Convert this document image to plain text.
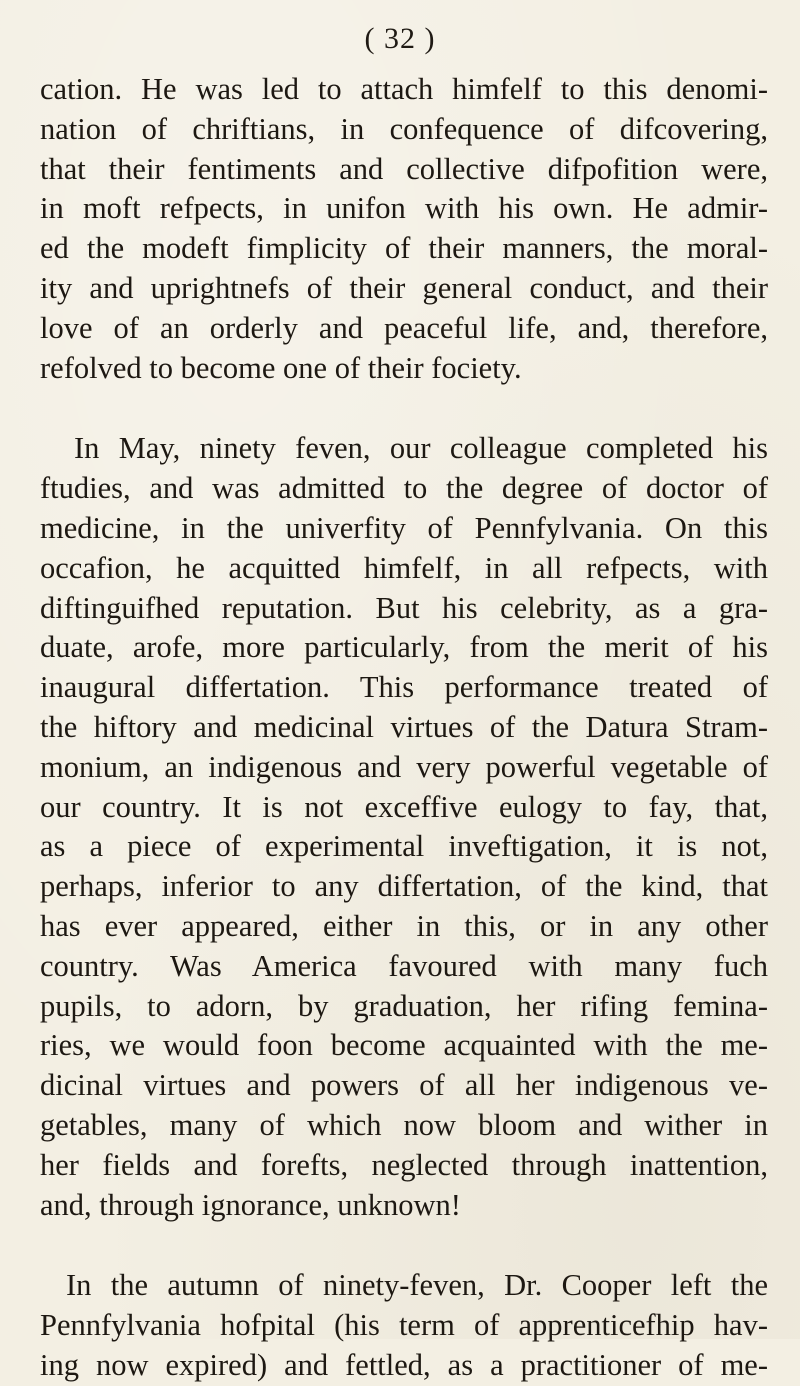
( 32 )

cation. He was led to attach himfelf to this denomi-
nation of chriftians, in confequence of difcovering,
that their fentiments and collective difpofition were,
in moft refpects, in unifon with his own. He admir-
ed the modeft fimplicity of their manners, the moral-
ity and uprightnefs of their general conduct, and their
love of an orderly and peaceful life, and, therefore,
refolved to become one of their fociety.

In May, ninety feven, our colleague completed his
ftudies, and was admitted to the degree of doctor of
medicine, in the univerfity of Pennfylvania. On this
occafion, he acquitted himfelf, in all refpects, with
diftinguifhed reputation. But his celebrity, as a gra-
duate, arofe, more particularly, from the merit of his
inaugural differtation. This performance treated of
the hiftory and medicinal virtues of the Datura Stram-
monium, an indigenous and very powerful vegetable of
our country. It is not exceffive eulogy to fay, that,
as a piece of experimental inveftigation, it is not,
perhaps, inferior to any differtation, of the kind, that
has ever appeared, either in this, or in any other
country. Was America favoured with many fuch
pupils, to adorn, by graduation, her rifing femina-
ries, we would foon become acquainted with the me-
dicinal virtues and powers of all her indigenous ve-
getables, many of which now bloom and wither in
her fields and forefts, neglected through inattention,
and, through ignorance, unknown!

In the autumn of ninety-feven, Dr. Cooper left the
Pennfylvania hofpital (his term of apprenticefhip hav-
ing now expired) and fettled, as a practitioner of me-
